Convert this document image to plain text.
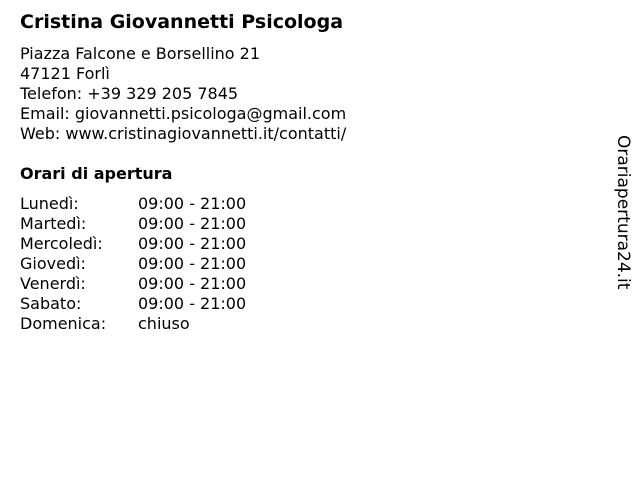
Cristina Giovannetti Psicologa
Piazza Falcone e Borsellino 21
47121 Forlì
Telefon: +39 329 205 7845
Email: giovannetti.psicologa@gmail.com
Web: www.cristinagiovannetti.it/contatti/
Orari di apertura
Lunedì:	09:00 - 21:00
Martedì:	09:00 - 21:00
Mercoledì:	09:00 - 21:00
Giovedì:	09:00 - 21:00
Venerdì:	09:00 - 21:00
Sabato:	09:00 - 21:00
Domenica:	chiuso
Orariapertura24.it
